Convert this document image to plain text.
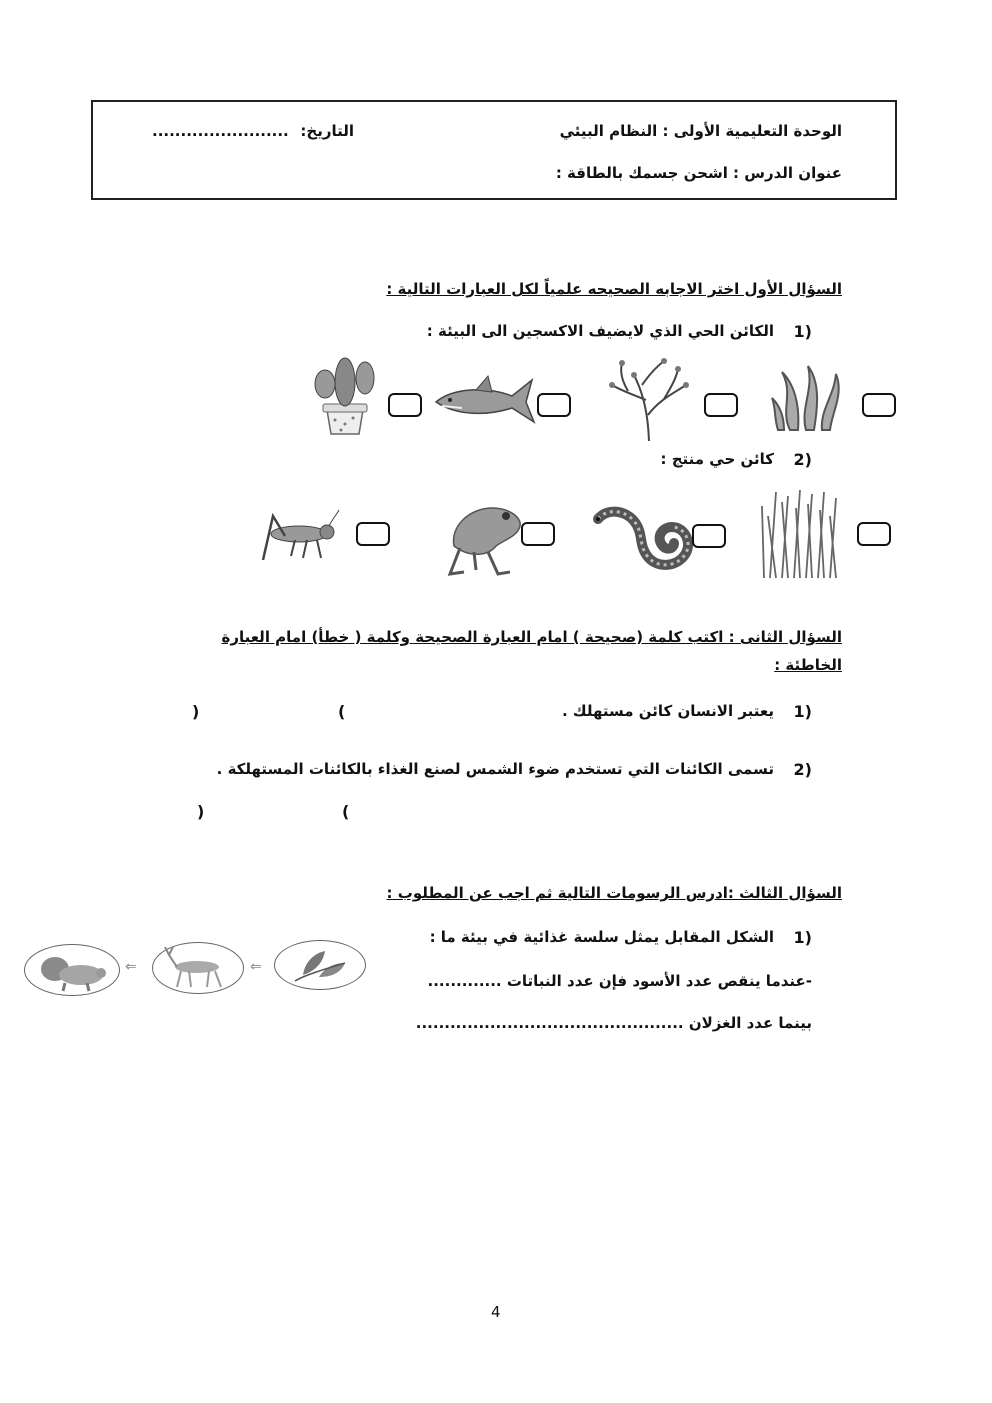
الوحدة التعليمية الأولى : النظام البيئي
التاريخ:
........................
عنوان الدرس : اشحن جسمك بالطاقة :
السؤال الأول اختر الاجابه الصحيحه علمياً لكل العبارات التالية :
1)
الكائن الحي الذي لايضيف الاكسجين الى البيئة :
2)
كائن حي منتج :
السؤال الثانى : اكتب كلمة (صحيحة ) امام العبارة الصحيحة وكلمة ( خطأ) امام العبارة
الخاطئة :
1)
يعتبر الانسان كائن مستهلك .
(
)
2)
تسمى الكائنات التي تستخدم ضوء الشمس لصنع الغذاء بالكائنات المستهلكة .
(
)
السؤال الثالث :ادرس الرسومات التالية ثم اجب عن المطلوب :
1)
الشكل المقابل يمثل سلسة غذائية في بيئة ما :
-عندما ينقص عدد الأسود فإن عدد النباتات .............
بينما عدد الغزلان ...............................................
⇐	⇐
4
